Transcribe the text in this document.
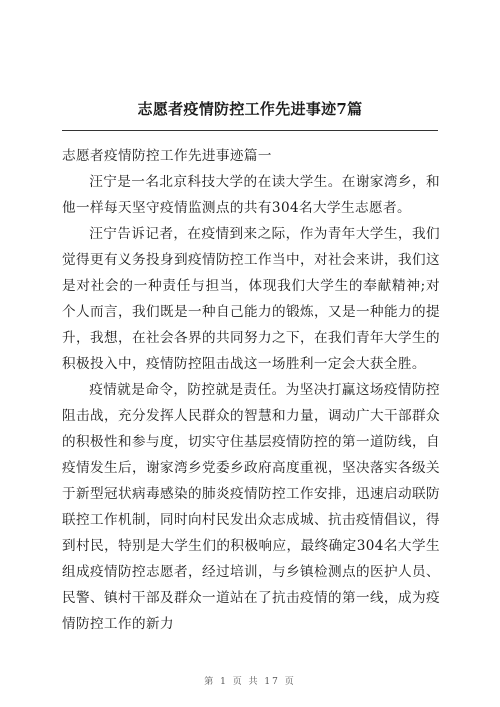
志愿者疫情防控工作先进事迹7篇

志愿者疫情防控工作先进事迹篇一

汪宁是一名北京科技大学的在读大学生。在谢家湾乡，和他一样每天坚守疫情监测点的共有304名大学生志愿者。

汪宁告诉记者，在疫情到来之际，作为青年大学生，我们觉得更有义务投身到疫情防控工作当中，对社会来讲，我们这是对社会的一种责任与担当，体现我们大学生的奉献精神;对个人而言，我们既是一种自己能力的锻炼，又是一种能力的提升，我想，在社会各界的共同努力之下，在我们青年大学生的积极投入中，疫情防控阻击战这一场胜利一定会大获全胜。

疫情就是命令，防控就是责任。为坚决打赢这场疫情防控阻击战，充分发挥人民群众的智慧和力量，调动广大干部群众的积极性和参与度，切实守住基层疫情防控的第一道防线，自疫情发生后，谢家湾乡党委乡政府高度重视，坚决落实各级关于新型冠状病毒感染的肺炎疫情防控工作安排，迅速启动联防联控工作机制，同时向村民发出众志成城、抗击疫情倡议，得到村民，特别是大学生们的积极响应，最终确定304名大学生组成疫情防控志愿者，经过培训，与乡镇检测点的医护人员、民警、镇村干部及群众一道站在了抗击疫情的第一线，成为疫情防控工作的新力

第 1 页 共 17 页
